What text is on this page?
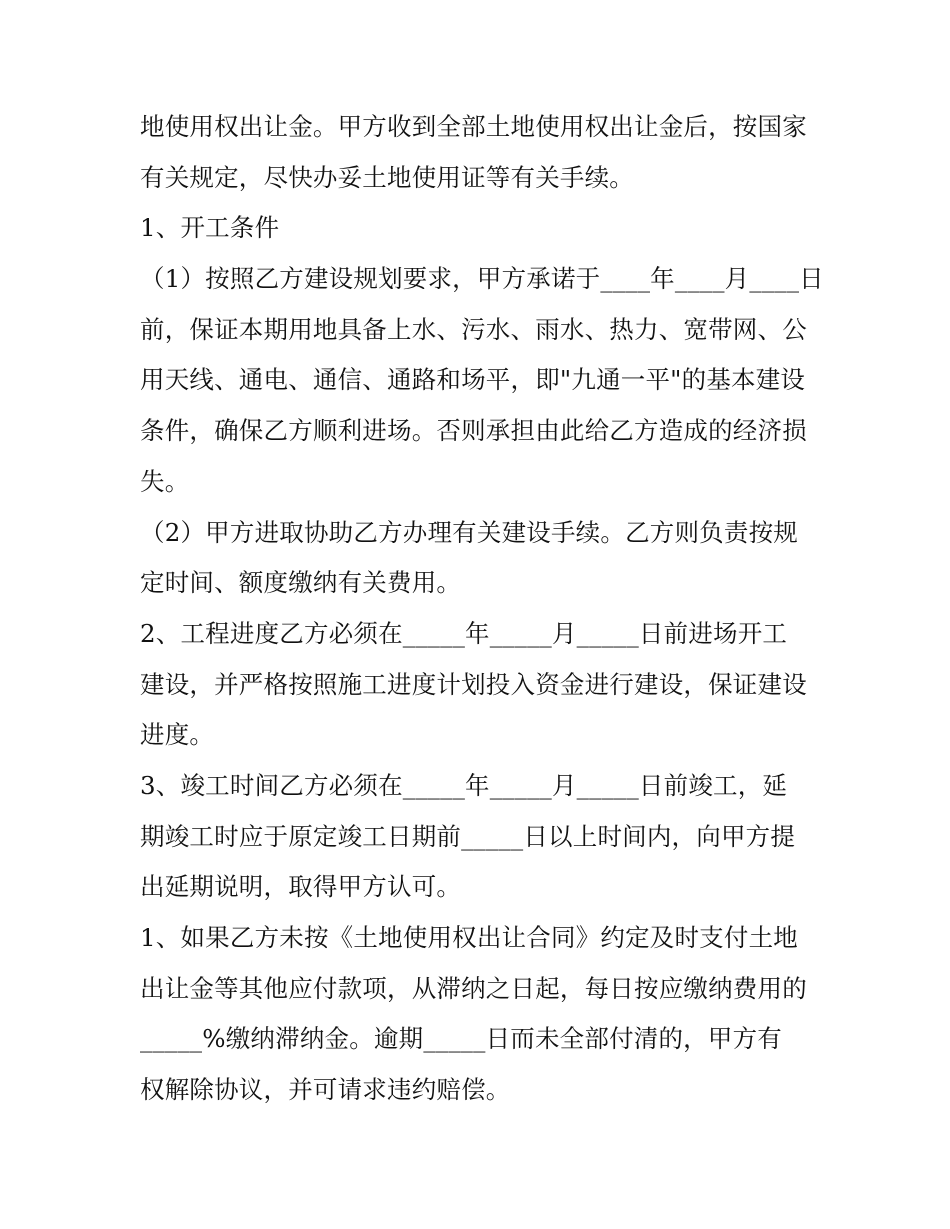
地使用权出让金。甲方收到全部土地使用权出让金后，按国家
有关规定，尽快办妥土地使用证等有关手续。
1、开工条件
（1）按照乙方建设规划要求，甲方承诺于____年____月____日
前，保证本期用地具备上水、污水、雨水、热力、宽带网、公
用天线、通电、通信、通路和场平，即"九通一平"的基本建设
条件，确保乙方顺利进场。否则承担由此给乙方造成的经济损
失。
（2）甲方进取协助乙方办理有关建设手续。乙方则负责按规
定时间、额度缴纳有关费用。
2、工程进度乙方必须在_____年_____月_____日前进场开工
建设，并严格按照施工进度计划投入资金进行建设，保证建设
进度。
3、竣工时间乙方必须在_____年_____月_____日前竣工，延
期竣工时应于原定竣工日期前_____日以上时间内，向甲方提
出延期说明，取得甲方认可。
1、如果乙方未按《土地使用权出让合同》约定及时支付土地
出让金等其他应付款项，从滞纳之日起，每日按应缴纳费用的
_____%缴纳滞纳金。逾期_____日而未全部付清的，甲方有
权解除协议，并可请求违约赔偿。
